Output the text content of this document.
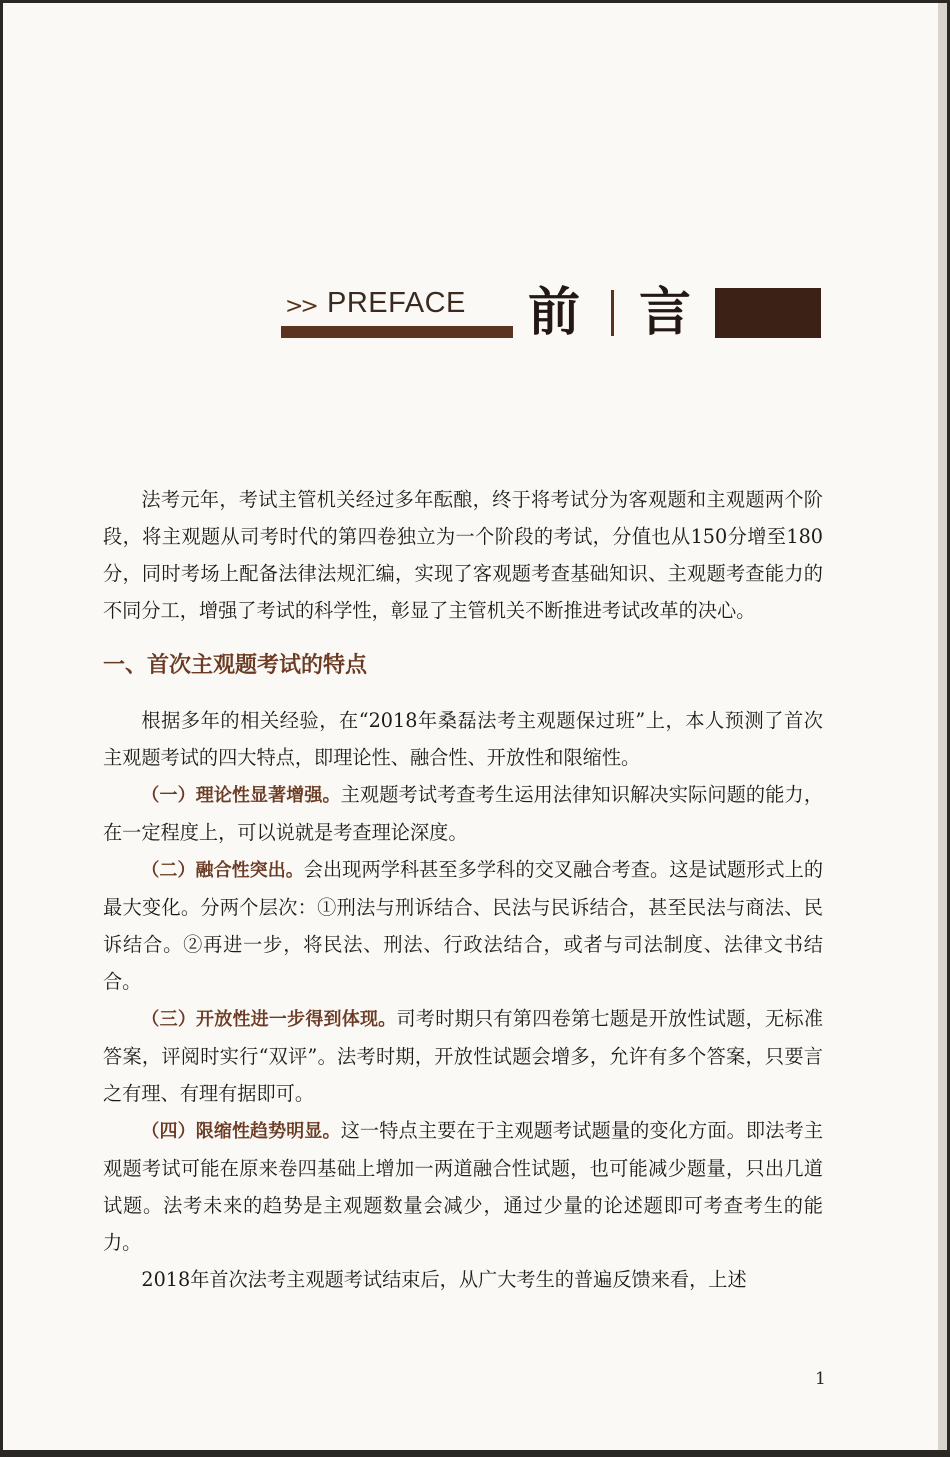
>> PREFACE 前 言

法考元年，考试主管机关经过多年酝酿，终于将考试分为客观题和主观题两个阶段，将主观题从司考时代的第四卷独立为一个阶段的考试，分值也从150分增至180分，同时考场上配备法律法规汇编，实现了客观题考查基础知识、主观题考查能力的不同分工，增强了考试的科学性，彰显了主管机关不断推进考试改革的决心。

一、首次主观题考试的特点

根据多年的相关经验，在“2018年桑磊法考主观题保过班”上，本人预测了首次主观题考试的四大特点，即理论性、融合性、开放性和限缩性。

（一）理论性显著增强。主观题考试考查考生运用法律知识解决实际问题的能力，在一定程度上，可以说就是考查理论深度。

（二）融合性突出。会出现两学科甚至多学科的交叉融合考查。这是试题形式上的最大变化。分两个层次：①刑法与刑诉结合、民法与民诉结合，甚至民法与商法、民诉结合。②再进一步，将民法、刑法、行政法结合，或者与司法制度、法律文书结合。

（三）开放性进一步得到体现。司考时期只有第四卷第七题是开放性试题，无标准答案，评阅时实行“双评”。法考时期，开放性试题会增多，允许有多个答案，只要言之有理、有理有据即可。

（四）限缩性趋势明显。这一特点主要在于主观题考试题量的变化方面。即法考主观题考试可能在原来卷四基础上增加一两道融合性试题，也可能减少题量，只出几道试题。法考未来的趋势是主观题数量会减少，通过少量的论述题即可考查考生的能力。

2018年首次法考主观题考试结束后，从广大考生的普遍反馈来看，上述

1
